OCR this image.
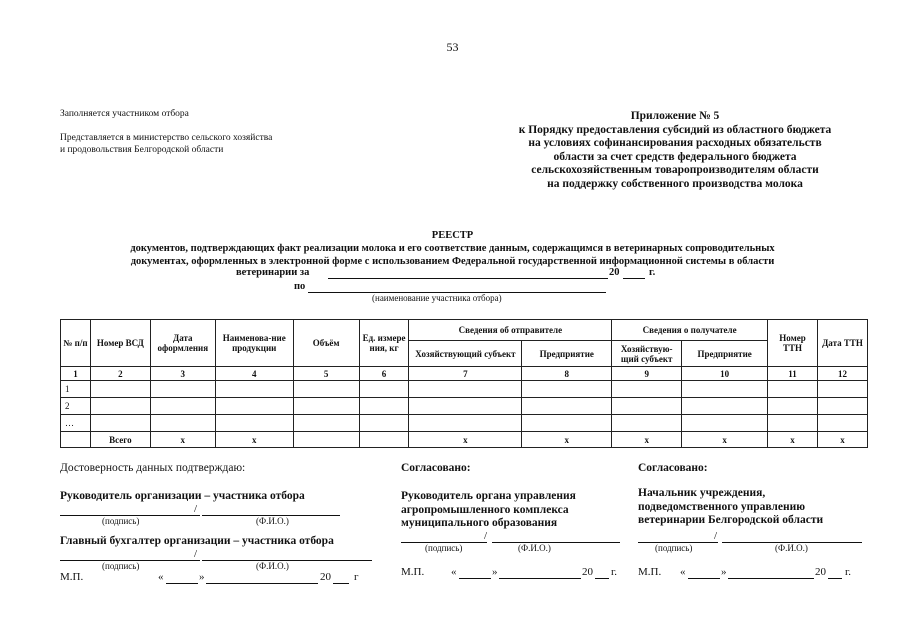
53
Заполняется участником отбора
Представляется в министерство сельского хозяйства
и продовольствия Белгородской области
Приложение № 5
к Порядку предоставления субсидий из областного бюджета
на условиях софинансирования расходных обязательств
области за счет средств федерального бюджета
сельскохозяйственным товаропроизводителям области
на поддержку собственного производства молока
РЕЕСТР
документов, подтверждающих факт реализации молока и его соответствие данным, содержащимся в ветеринарных сопроводительных
документах, оформленных в электронной форме с использованием Федеральной государственной информационной системы в области
ветеринарии за	20	г.
по
(наименование участника отбора)
№ п/п	Номер ВСД	Дата оформления	Наименова-ние продукции	Объём	Ед. измере ния, кг	Сведения об отправителе		Сведения о получателе		Номер ТТН	Дата ТТН
						Хозяйствующий субъект	Предприятие	Хозяйствую-щий субъект	Предприятие		
1	2	3	4	5	6	7	8	9	10	11	12
1											
2											
…											
	Всего	х	х			х	х	х	х	х	х
Достоверность данных подтверждаю:
Руководитель организации – участника отбора
/
(подпись)	(Ф.И.О.)
Главный бухгалтер организации – участника отбора
/
(подпись)	(Ф.И.О.)
М.П.	«	»	20 г
Согласовано:
Руководитель органа управления
агропромышленного комплекса
муниципального образования
/
(подпись)	(Ф.И.О.)
М.П. «	»	20 г.
Согласовано:
Начальник учреждения,
подведомственного управлению
ветеринарии Белгородской области
/
(подпись)	(Ф.И.О.)
М.П. «	»	20 г.
